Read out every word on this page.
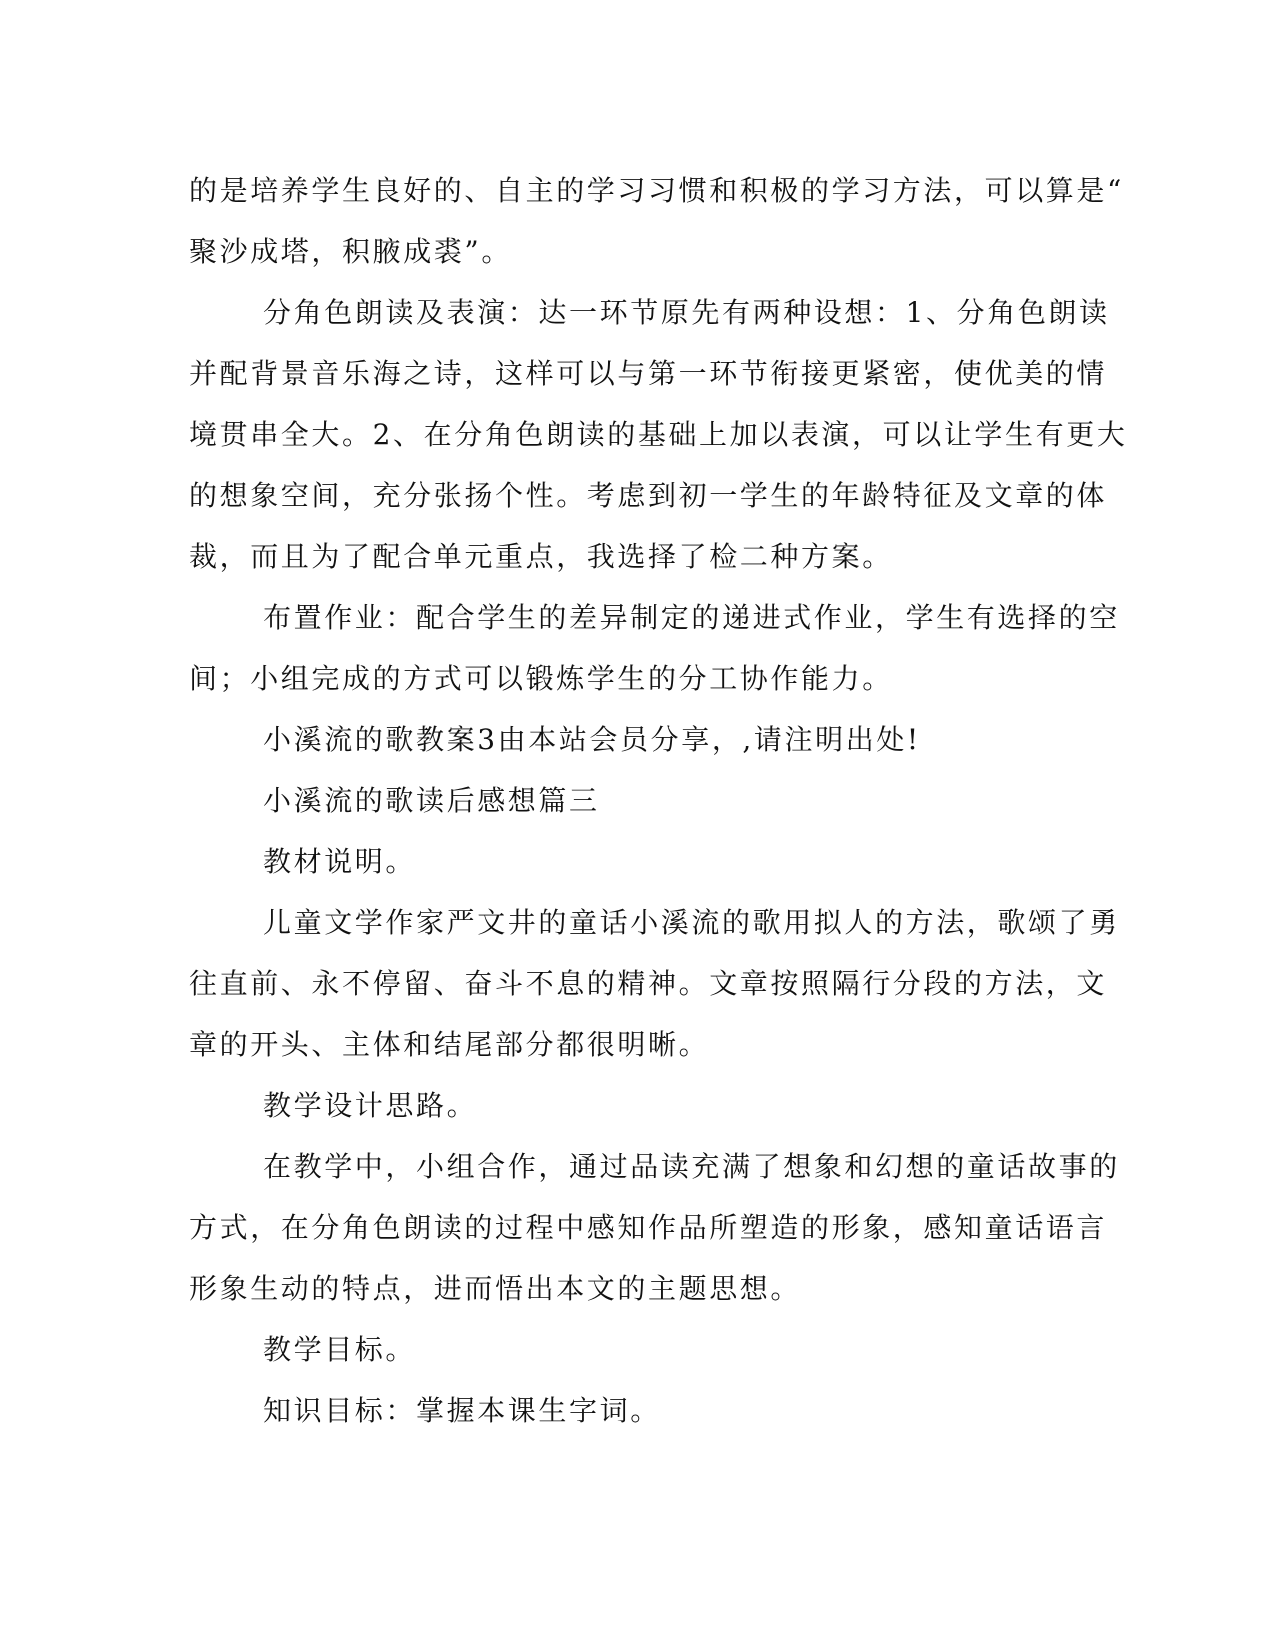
的是培养学生良好的、自主的学习习惯和积极的学习方法，可以算是“
聚沙成塔，积腋成裘”。
分角色朗读及表演：达一环节原先有两种设想：1、分角色朗读
并配背景音乐海之诗，这样可以与第一环节衔接更紧密，使优美的情
境贯串全大。2、在分角色朗读的基础上加以表演，可以让学生有更大
的想象空间，充分张扬个性。考虑到初一学生的年龄特征及文章的体
裁，而且为了配合单元重点，我选择了检二种方案。
布置作业：配合学生的差异制定的递进式作业，学生有选择的空
间；小组完成的方式可以锻炼学生的分工协作能力。
小溪流的歌教案3由本站会员分享，,请注明出处!
小溪流的歌读后感想篇三
教材说明。
儿童文学作家严文井的童话小溪流的歌用拟人的方法，歌颂了勇
往直前、永不停留、奋斗不息的精神。文章按照隔行分段的方法，文
章的开头、主体和结尾部分都很明晰。
教学设计思路。
在教学中，小组合作，通过品读充满了想象和幻想的童话故事的
方式，在分角色朗读的过程中感知作品所塑造的形象，感知童话语言
形象生动的特点，进而悟出本文的主题思想。
教学目标。
知识目标：掌握本课生字词。
